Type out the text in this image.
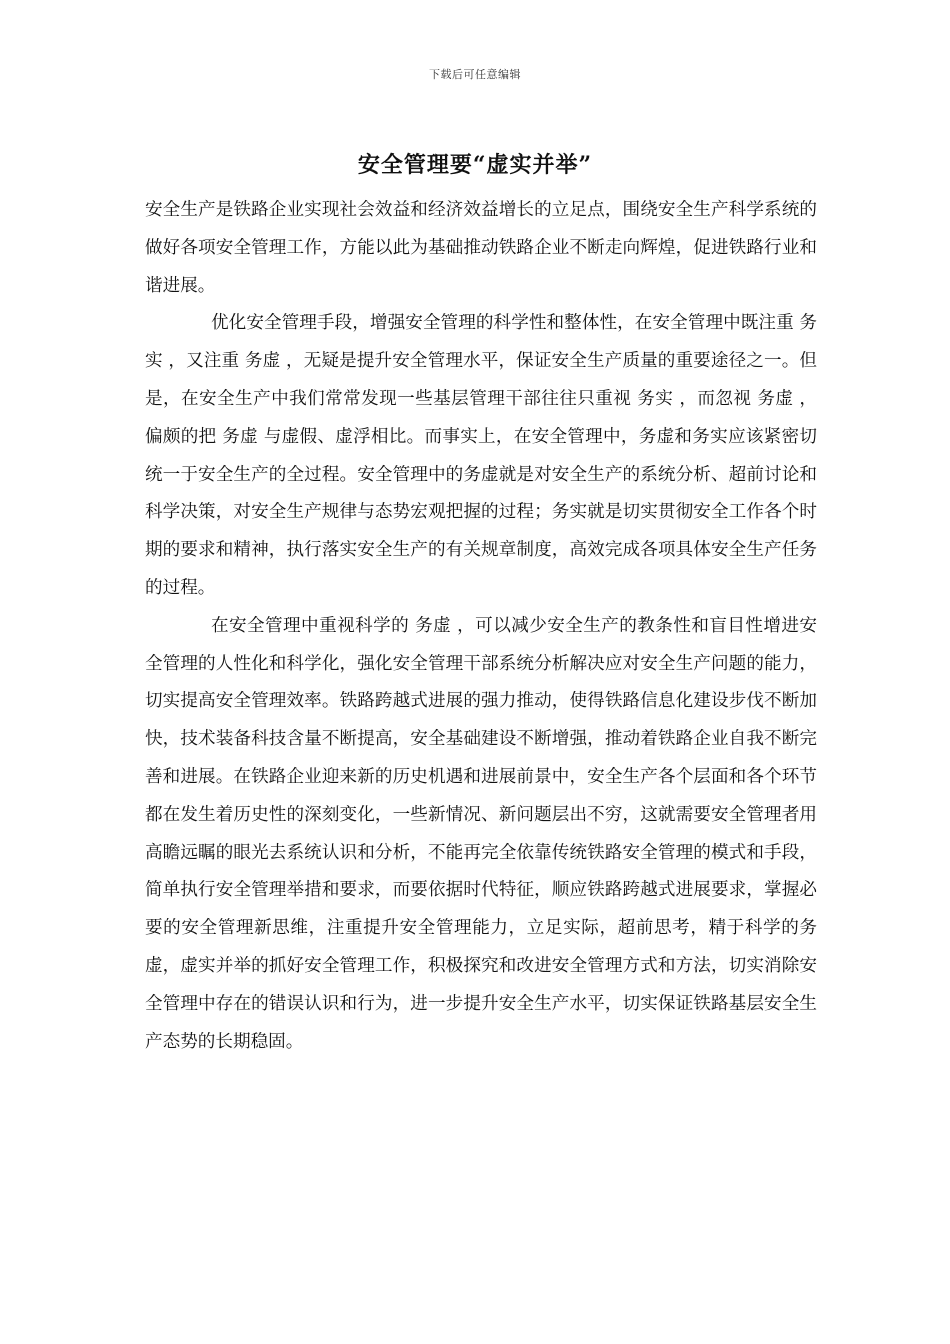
下载后可任意编辑
安全管理要“虚实并举”

安全生产是铁路企业实现社会效益和经济效益增长的立足点，围绕安全生产科学系统的做好各项安全管理工作，方能以此为基础推动铁路企业不断走向辉煌，促进铁路行业和谐进展。

优化安全管理手段，增强安全管理的科学性和整体性，在安全管理中既注重 务实 ，又注重 务虚 ，无疑是提升安全管理水平，保证安全生产质量的重要途径之一。但是，在安全生产中我们常常发现一些基层管理干部往往只重视 务实 ，而忽视 务虚 ，偏颇的把 务虚 与虚假、虚浮相比。而事实上，在安全管理中，务虚和务实应该紧密切统一于安全生产的全过程。安全管理中的务虚就是对安全生产的系统分析、超前讨论和科学决策，对安全生产规律与态势宏观把握的过程；务实就是切实贯彻安全工作各个时期的要求和精神，执行落实安全生产的有关规章制度，高效完成各项具体安全生产任务的过程。

在安全管理中重视科学的 务虚 ，可以减少安全生产的教条性和盲目性增进安全管理的人性化和科学化，强化安全管理干部系统分析解决应对安全生产问题的能力，切实提高安全管理效率。铁路跨越式进展的强力推动，使得铁路信息化建设步伐不断加快，技术装备科技含量不断提高，安全基础建设不断增强，推动着铁路企业自我不断完善和进展。在铁路企业迎来新的历史机遇和进展前景中，安全生产各个层面和各个环节都在发生着历史性的深刻变化，一些新情况、新问题层出不穷，这就需要安全管理者用高瞻远瞩的眼光去系统认识和分析，不能再完全依靠传统铁路安全管理的模式和手段，简单执行安全管理举措和要求，而要依据时代特征，顺应铁路跨越式进展要求，掌握必要的安全管理新思维，注重提升安全管理能力，立足实际，超前思考，精于科学的务虚，虚实并举的抓好安全管理工作，积极探究和改进安全管理方式和方法，切实消除安全管理中存在的错误认识和行为，进一步提升安全生产水平，切实保证铁路基层安全生产态势的长期稳固。
